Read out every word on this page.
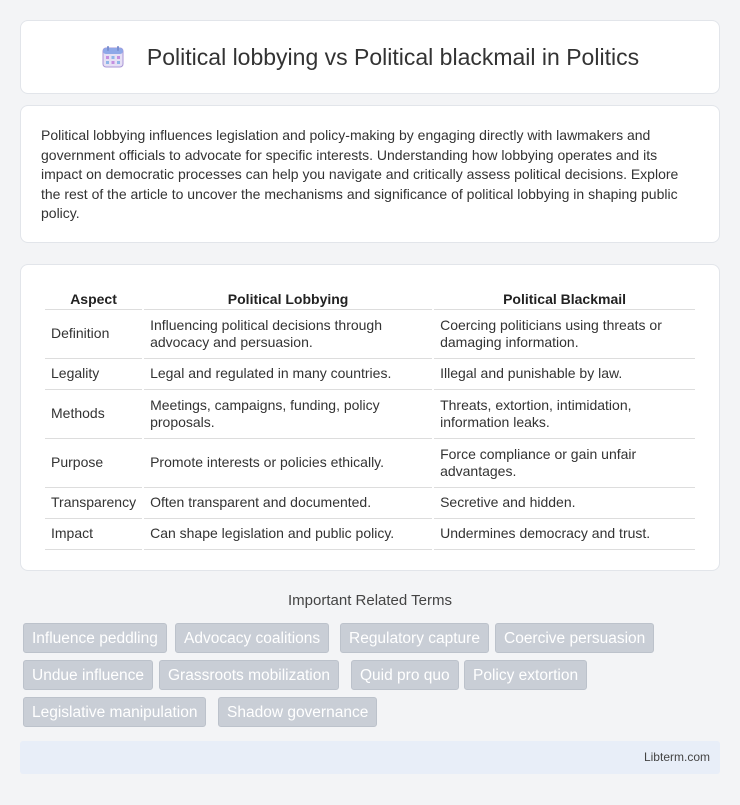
Political lobbying vs Political blackmail in Politics

Political lobbying influences legislation and policy-making by engaging directly with lawmakers and government officials to advocate for specific interests. Understanding how lobbying operates and its impact on democratic processes can help you navigate and critically assess political decisions. Explore the rest of the article to uncover the mechanisms and significance of political lobbying in shaping public policy.

Aspect	Political Lobbying	Political Blackmail
Definition	Influencing political decisions through advocacy and persuasion.	Coercing politicians using threats or damaging information.
Legality	Legal and regulated in many countries.	Illegal and punishable by law.
Methods	Meetings, campaigns, funding, policy proposals.	Threats, extortion, intimidation, information leaks.
Purpose	Promote interests or policies ethically.	Force compliance or gain unfair advantages.
Transparency	Often transparent and documented.	Secretive and hidden.
Impact	Can shape legislation and public policy.	Undermines democracy and trust.
Important Related Terms
Influence peddling	Advocacy coalitions	Regulatory capture	Coercive persuasion
Undue influence	Grassroots mobilization	Quid pro quo	Policy extortion
Legislative manipulation	Shadow governance
Libterm.com
